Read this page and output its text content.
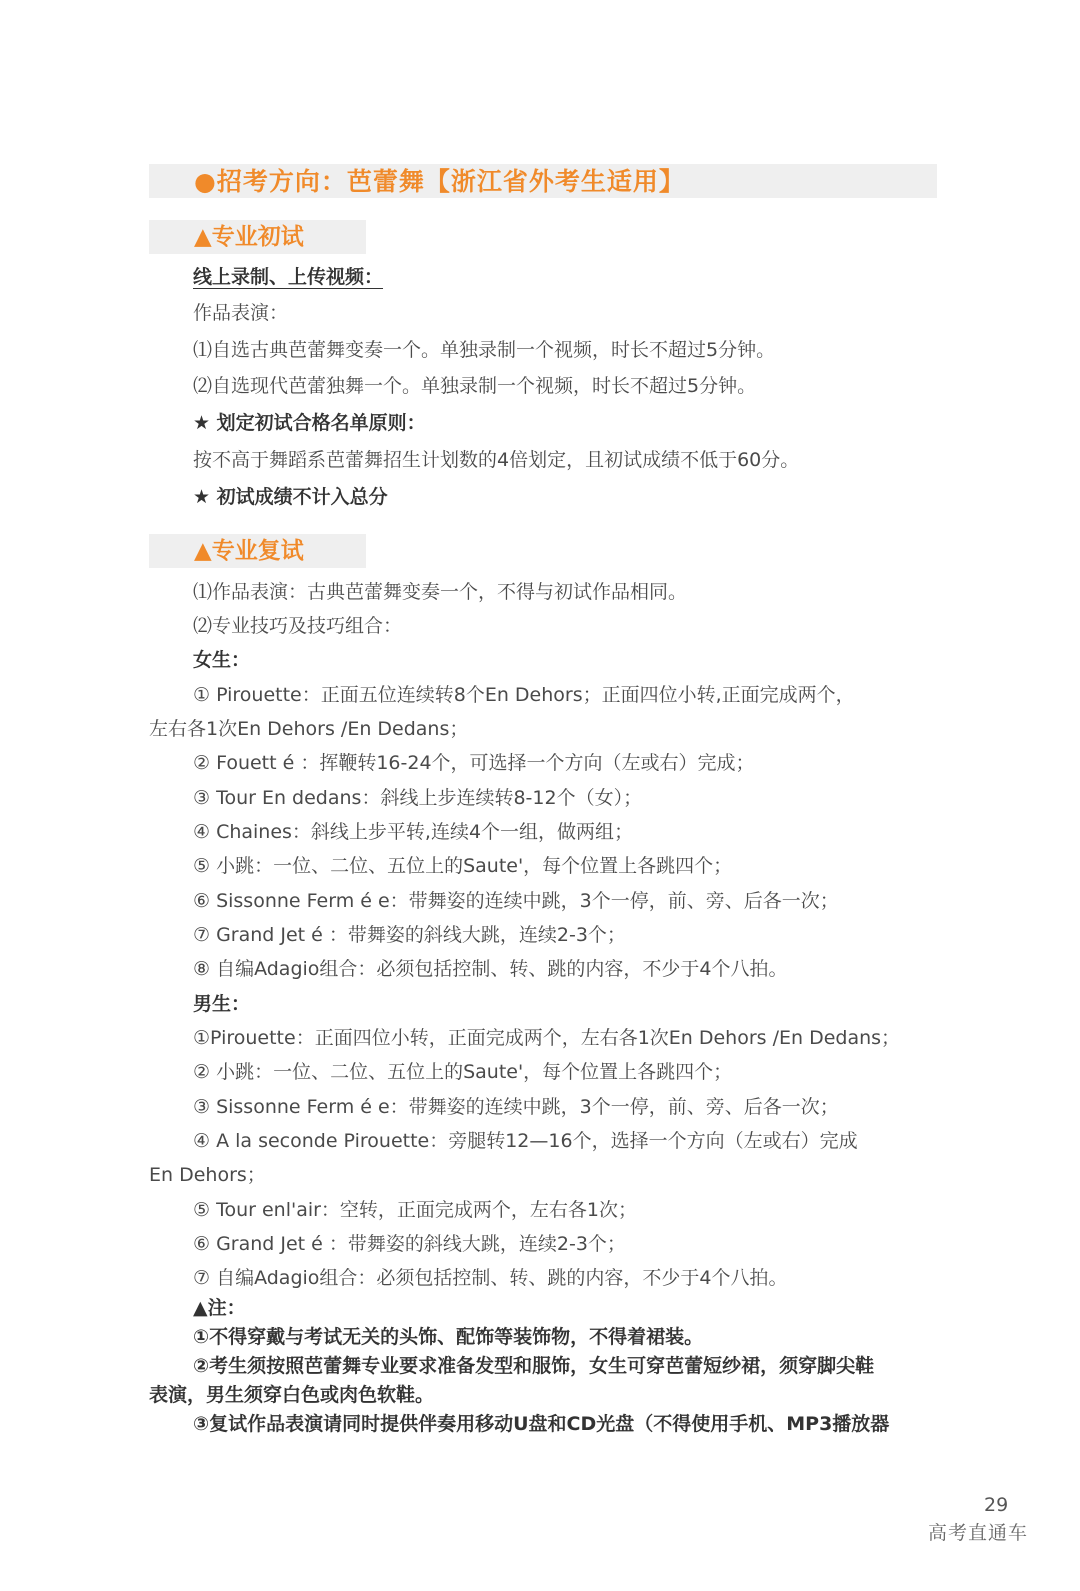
●招考方向：芭蕾舞【浙江省外考生适用】
▲专业初试
线上录制、上传视频：
作品表演：
⑴自选古典芭蕾舞变奏一个。单独录制一个视频，时长不超过5分钟。
⑵自选现代芭蕾独舞一个。单独录制一个视频，时长不超过5分钟。
★ 划定初试合格名单原则：
按不高于舞蹈系芭蕾舞招生计划数的4倍划定，且初试成绩不低于60分。
★ 初试成绩不计入总分
▲专业复试
⑴作品表演：古典芭蕾舞变奏一个，不得与初试作品相同。
⑵专业技巧及技巧组合：
女生：
① Pirouette：正面五位连续转8个En Dehors；正面四位小转,正面完成两个，
左右各1次En Dehors /En Dedans；
② Fouett é ：挥鞭转16-24个，可选择一个方向（左或右）完成；
③ Tour En dedans：斜线上步连续转8-12个（女）；
④ Chaines：斜线上步平转,连续4个一组，做两组；
⑤ 小跳：一位、二位、五位上的Saute'，每个位置上各跳四个；
⑥ Sissonne Ferm é e：带舞姿的连续中跳，3个一停，前、旁、后各一次；
⑦ Grand Jet é ：带舞姿的斜线大跳，连续2-3个；
⑧ 自编Adagio组合：必须包括控制、转、跳的内容，不少于4个八拍。
男生：
①Pirouette：正面四位小转，正面完成两个，左右各1次En Dehors /En Dedans；
② 小跳：一位、二位、五位上的Saute'，每个位置上各跳四个；
③ Sissonne Ferm é e：带舞姿的连续中跳，3个一停，前、旁、后各一次；
④ A la seconde Pirouette：旁腿转12—16个，选择一个方向（左或右）完成
En Dehors；
⑤ Tour enl'air：空转，正面完成两个，左右各1次；
⑥ Grand Jet é ：带舞姿的斜线大跳，连续2-3个；
⑦ 自编Adagio组合：必须包括控制、转、跳的内容，不少于4个八拍。
▲注：
①不得穿戴与考试无关的头饰、配饰等装饰物，不得着裙装。
②考生须按照芭蕾舞专业要求准备发型和服饰，女生可穿芭蕾短纱裙，须穿脚尖鞋
表演，男生须穿白色或肉色软鞋。
③复试作品表演请同时提供伴奏用移动U盘和CD光盘（不得使用手机、MP3播放器
29
高考直通车
